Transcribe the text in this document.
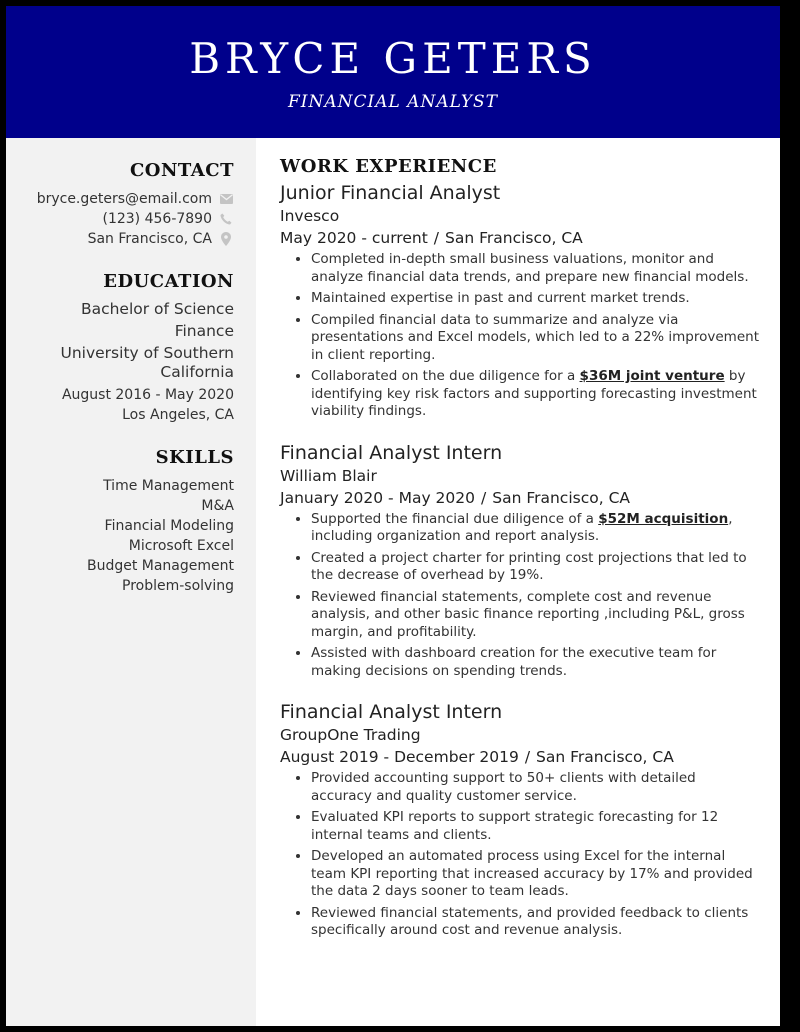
BRYCE GETERS
FINANCIAL ANALYST
CONTACT
bryce.geters@email.com
(123) 456-7890
San Francisco, CA
EDUCATION
Bachelor of Science
Finance
University of Southern California
August 2016 - May 2020
Los Angeles, CA
SKILLS
Time Management
M&A
Financial Modeling
Microsoft Excel
Budget Management
Problem-solving
WORK EXPERIENCE
Junior Financial Analyst
Invesco
May 2020 - current / San Francisco, CA
• Completed in-depth small business valuations, monitor and analyze financial data trends, and prepare new financial models.
• Maintained expertise in past and current market trends.
• Compiled financial data to summarize and analyze via presentations and Excel models, which led to a 22% improvement in client reporting.
• Collaborated on the due diligence for a $36M joint venture by identifying key risk factors and supporting forecasting investment viability findings.
Financial Analyst Intern
William Blair
January 2020 - May 2020 / San Francisco, CA
• Supported the financial due diligence of a $52M acquisition, including organization and report analysis.
• Created a project charter for printing cost projections that led to the decrease of overhead by 19%.
• Reviewed financial statements, complete cost and revenue analysis, and other basic finance reporting ,including P&L, gross margin, and profitability.
• Assisted with dashboard creation for the executive team for making decisions on spending trends.
Financial Analyst Intern
GroupOne Trading
August 2019 - December 2019 / San Francisco, CA
• Provided accounting support to 50+ clients with detailed accuracy and quality customer service.
• Evaluated KPI reports to support strategic forecasting for 12 internal teams and clients.
• Developed an automated process using Excel for the internal team KPI reporting that increased accuracy by 17% and provided the data 2 days sooner to team leads.
• Reviewed financial statements, and provided feedback to clients specifically around cost and revenue analysis.
